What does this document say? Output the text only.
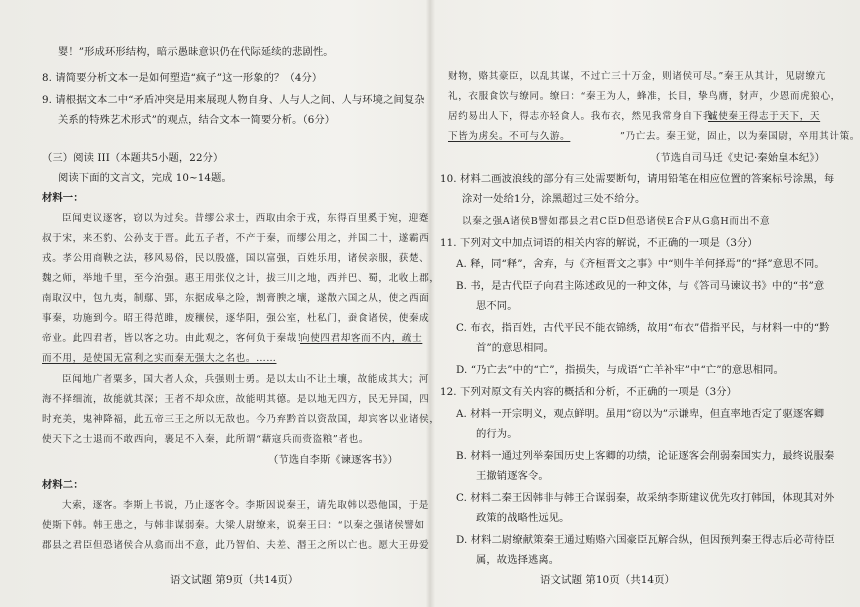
婴！”形成环形结构，暗示愚昧意识仍在代际延续的悲剧性。
8. 请简要分析文本一是如何塑造“疯子”这一形象的？（4分）
9. 请根据文本二中“矛盾冲突是用来展现人物自身、人与人之间、人与环境之间复杂
关系的特殊艺术形式”的观点，结合文本一简要分析。（6分）
（三）阅读 III（本题共5小题，22分）
阅读下面的文言文，完成 10~14题。
材料一：
臣闻吏议逐客，窃以为过矣。昔缪公求士，西取由余于戎，东得百里奚于宛，迎蹇
叔于宋，来丕豹、公孙支于晋。此五子者，不产于秦，而缪公用之，并国二十，遂霸西
戎。孝公用商鞅之法，移风易俗，民以殷盛，国以富强，百姓乐用，诸侯亲服，获楚、
魏之师，举地千里，至今治强。惠王用张仪之计，拔三川之地，西并巴、蜀，北收上郡，
南取汉中，包九夷，制鄢、郢，东据成皋之险，割膏腴之壤，遂散六国之从，使之西面
事秦，功施到今。昭王得范雎，废穰侯，逐华阳，强公室，杜私门，蚕食诸侯，使秦成
帝业。此四君者，皆以客之功。由此观之，客何负于秦哉！
而不用，是使国无富利之实而秦无强大之名也。……
臣闻地广者粟多，国大者人众，兵强则士勇。是以太山不让土壤，故能成其大；河
海不择细流，故能就其深；王者不却众庶，故能明其德。是以地无四方，民无异国，四
时充美，鬼神降福，此五帝三王之所以无敌也。今乃弃黔首以资敌国，却宾客以业诸侯，
使天下之士退而不敢西向，裹足不入秦，此所谓“藉寇兵而赍盗粮”者也。
（节选自李斯《谏逐客书》）
材料二：
大索，逐客。李斯上书说，乃止逐客令。李斯因说秦王，请先取韩以恐他国，于是
使斯下韩。韩王患之，与韩非谋弱秦。大梁人尉缭来，说秦王曰：“以秦之强诸侯譬如
郡县之君臣但恐诸侯合从翕而出不意，此乃智伯、夫差、湣王之所以亡也。愿大王毋爱
向使四君却客而不内，疏士
财物，赂其豪臣，以乱其谋，不过亡三十万金，则诸侯可尽。”秦王从其计，见尉缭亢
礼，衣服食饮与缭同。缭曰：“秦王为人，蜂准，长目，挚鸟膺，豺声，少恩而虎狼心，
居约易出人下，得志亦轻食人。我布衣，然见我常身自下我。
（节选自司马迁《史记·秦始皇本纪》）
10. 材料二画波浪线的部分有三处需要断句，请用铅笔在相应位置的答案标号涂黑，每
涂对一处给1分，涂黑超过三处不给分。
以秦之强A诸侯B譬如郡县之君C臣D但恐诸侯E合F从G翕H而出不意
11. 下列对文中加点词语的相关内容的解说，不正确的一项是（3分）
A. 释，同“释”，舍弃，与《齐桓晋文之事》中“则牛羊何择焉”的“择”意思不同。
B. 书，是古代臣子向君主陈述政见的一种文体，与《答司马谏议书》中的“书”意
思不同。
C. 布衣，指百姓，古代平民不能衣锦绣，故用“布衣”借指平民，与材料一中的“黔
首”的意思相同。
D. “乃亡去”中的“亡”，指损失，与成语“亡羊补牢”中“亡”的意思相同。
12. 下列对原文有关内容的概括和分析，不正确的一项是（3分）
A. 材料一开宗明义，观点鲜明。虽用“窃以为”示谦卑，但直率地否定了驱逐客卿
的行为。
B. 材料一通过列举秦国历史上客卿的功绩，论证逐客会削弱秦国实力，最终说服秦
王撤销逐客令。
C. 材料二秦王因韩非与韩王合谋弱秦，故采纳李斯建议优先攻打韩国，体现其对外
政策的战略性远见。
D. 材料二尉缭献策秦王通过贿赂六国豪臣瓦解合纵，但因预判秦王得志后必苛待臣
属，故选择逃离。
诚使秦王得志于天下，天
下皆为虏矣。不可与久游。	”乃亡去。秦王觉，固止，以为秦国尉，卒用其计策。
语文试题 第9页（共14页）	语文试题 第10页（共14页）
